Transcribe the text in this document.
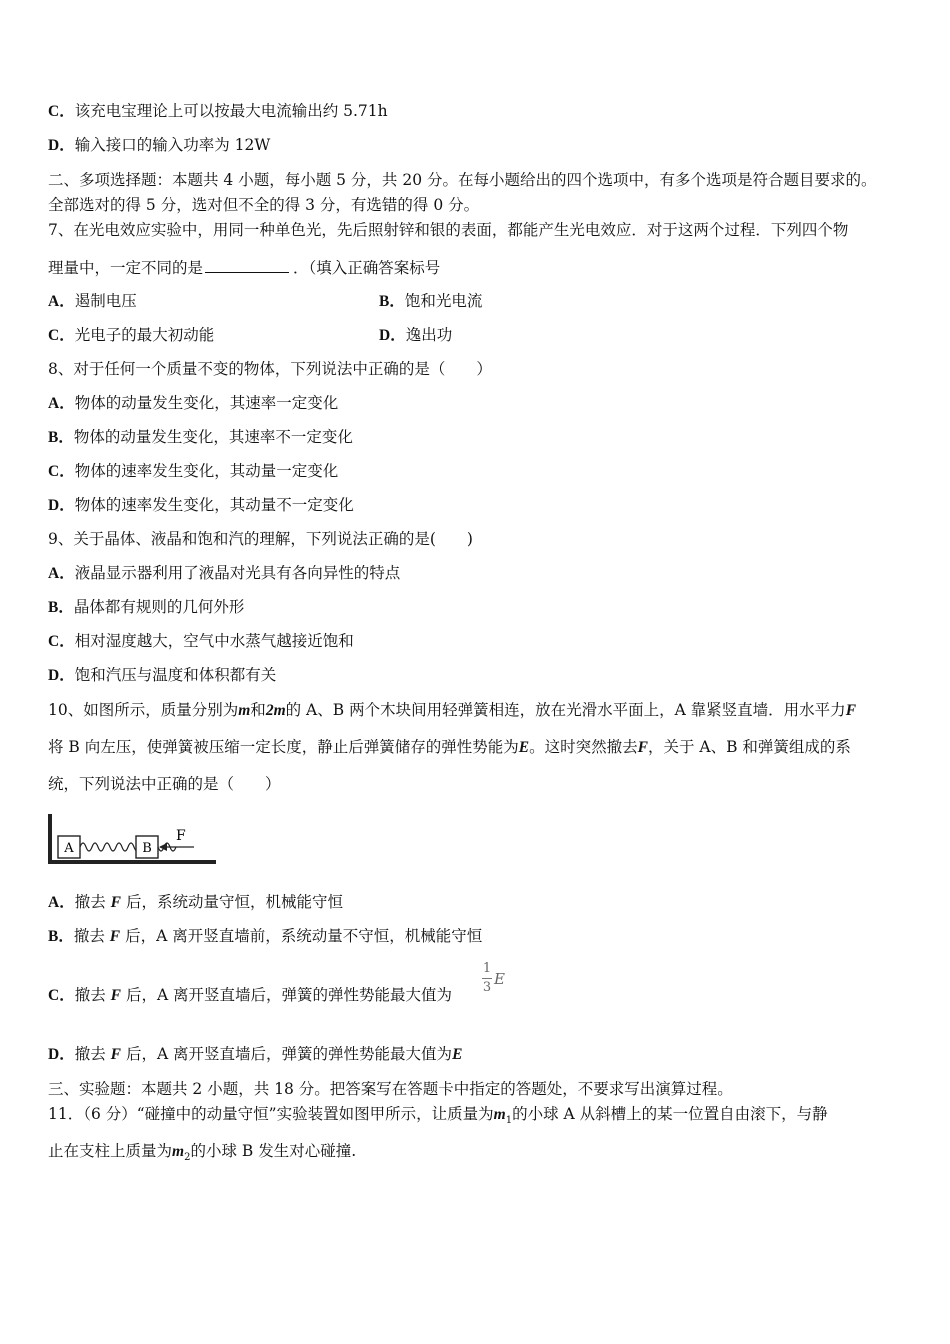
C．该充电宝理论上可以按最大电流输出约 5.71h
D．输入接口的输入功率为 12W
二、多项选择题：本题共 4 小题，每小题 5 分，共 20 分。在每小题给出的四个选项中，有多个选项是符合题目要求的。
全部选对的得 5 分，选对但不全的得 3 分，有选错的得 0 分。
7、在光电效应实验中，用同一种单色光，先后照射锌和银的表面，都能产生光电效应．对于这两个过程．下列四个物
理量中，一定不同的是	．（填入正确答案标号
A．遏制电压	B．饱和光电流
C．光电子的最大初动能	D．逸出功
8、对于任何一个质量不变的物体，下列说法中正确的是（　　）
A．物体的动量发生变化，其速率一定变化
B．物体的动量发生变化，其速率不一定变化
C．物体的速率发生变化，其动量一定变化
D．物体的速率发生变化，其动量不一定变化
9、关于晶体、液晶和饱和汽的理解，下列说法正确的是(　　)
A．液晶显示器利用了液晶对光具有各向异性的特点
B．晶体都有规则的几何外形
C．相对湿度越大，空气中水蒸气越接近饱和
D．饱和汽压与温度和体积都有关
10、如图所示，质量分别为m和2m的 A、B 两个木块间用轻弹簧相连，放在光滑水平面上，A 靠紧竖直墙．用水平力F
将 B 向左压，使弹簧被压缩一定长度，静止后弹簧储存的弹性势能为E。这时突然撤去F，关于 A、B 和弹簧组成的系
统，下列说法中正确的是（　　）
A	B
F
A．撤去 F 后，系统动量守恒，机械能守恒
B．撤去 F 后，A 离开竖直墙前，系统动量不守恒，机械能守恒
C．撤去 F 后，A 离开竖直墙后，弹簧的弹性势能最大值为 $\frac{1}{3}$ E
D．撤去 F 后，A 离开竖直墙后，弹簧的弹性势能最大值为E
三、实验题：本题共 2 小题，共 18 分。把答案写在答题卡中指定的答题处，不要求写出演算过程。
11．（6 分）“碰撞中的动量守恒”实验装置如图甲所示，让质量为$m_1$的小球 A 从斜槽上的某一位置自由滚下，与静
止在支柱上质量为$m_2$的小球 B 发生对心碰撞.
